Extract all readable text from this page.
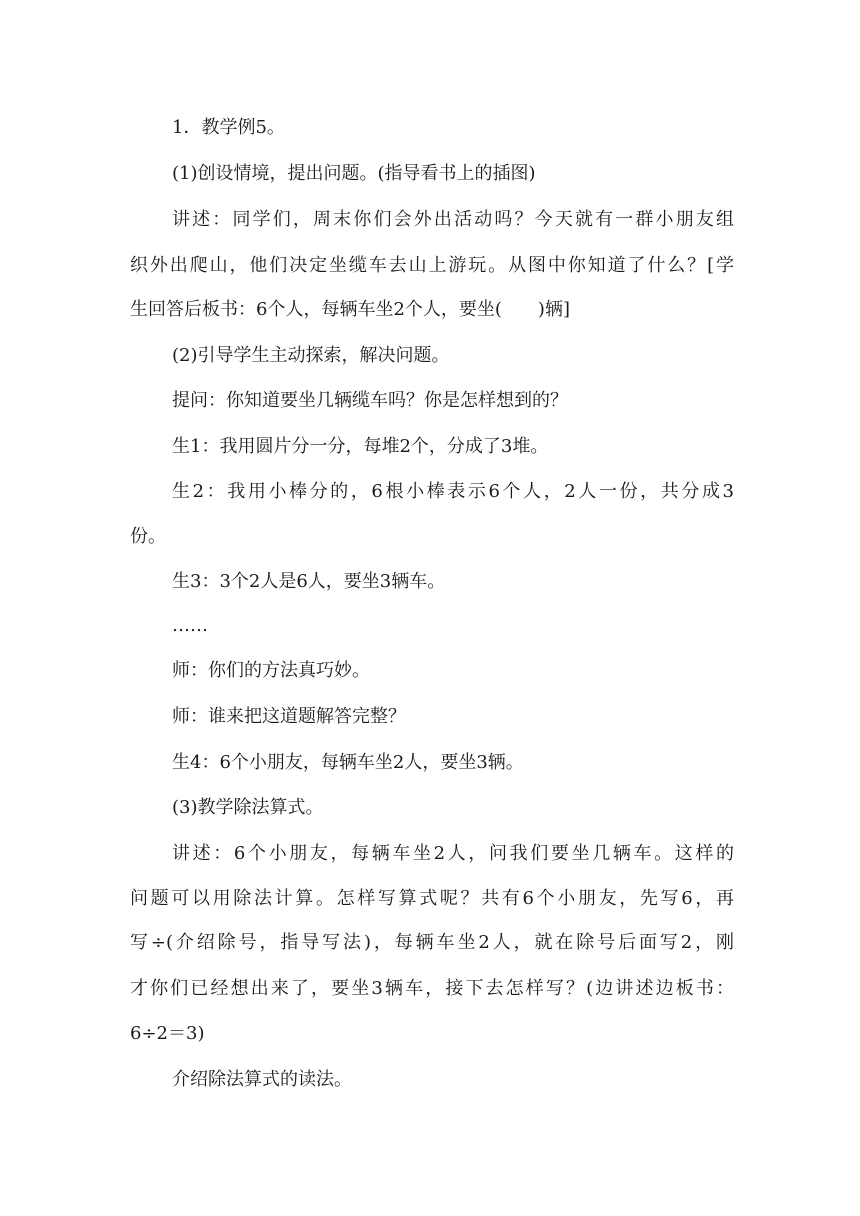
1．教学例5。
(1)创设情境，提出问题。(指导看书上的插图)
讲述：同学们，周末你们会外出活动吗？今天就有一群小朋友组
织外出爬山，他们决定坐缆车去山上游玩。从图中你知道了什么？[学
生回答后板书：6个人，每辆车坐2个人，要坐(　　)辆]
(2)引导学生主动探索，解决问题。
提问：你知道要坐几辆缆车吗？你是怎样想到的？
生1：我用圆片分一分，每堆2个，分成了3堆。
生2：我用小棒分的，6根小棒表示6个人，2人一份，共分成3
份。
生3：3个2人是6人，要坐3辆车。
……
师：你们的方法真巧妙。
师：谁来把这道题解答完整？
生4：6个小朋友，每辆车坐2人，要坐3辆。
(3)教学除法算式。
讲述：6个小朋友，每辆车坐2人，问我们要坐几辆车。这样的
问题可以用除法计算。怎样写算式呢？共有6个小朋友，先写6，再
写÷(介绍除号，指导写法)，每辆车坐2人，就在除号后面写2，刚
才你们已经想出来了，要坐3辆车，接下去怎样写？(边讲述边板书：
6÷2＝3)
介绍除法算式的读法。
